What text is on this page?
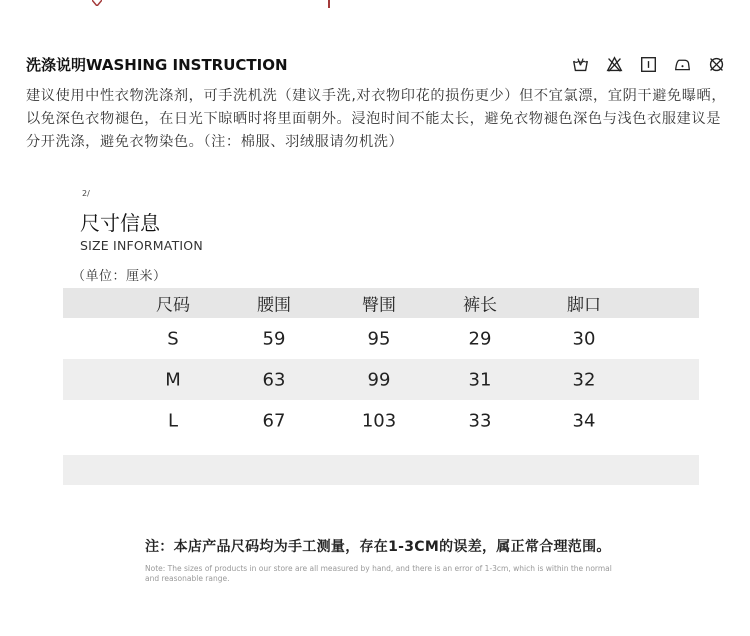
洗涤说明WASHING INSTRUCTION
建议使用中性衣物洗涤剂，可手洗机洗（建议手洗,对衣物印花的损伤更少）但不宜氯漂，宜阴干避免曝晒，以免深色衣物褪色，在日光下晾晒时将里面朝外。浸泡时间不能太长，避免衣物褪色深色与浅色衣服建议是分开洗涤，避免衣物染色。（注：棉服、羽绒服请勿机洗）
2/
尺寸信息
SIZE INFORMATION
（单位：厘米）
尺码	腰围	臀围	裤长	脚口
S	59	95	29	30
M	63	99	31	32
L	67	103	33	34
注：本店产品尺码均为手工测量，存在1-3CM的误差，属正常合理范围。
Note: The sizes of products in our store are all measured by hand, and there is an error of 1-3cm, which is within the normal and reasonable range.
